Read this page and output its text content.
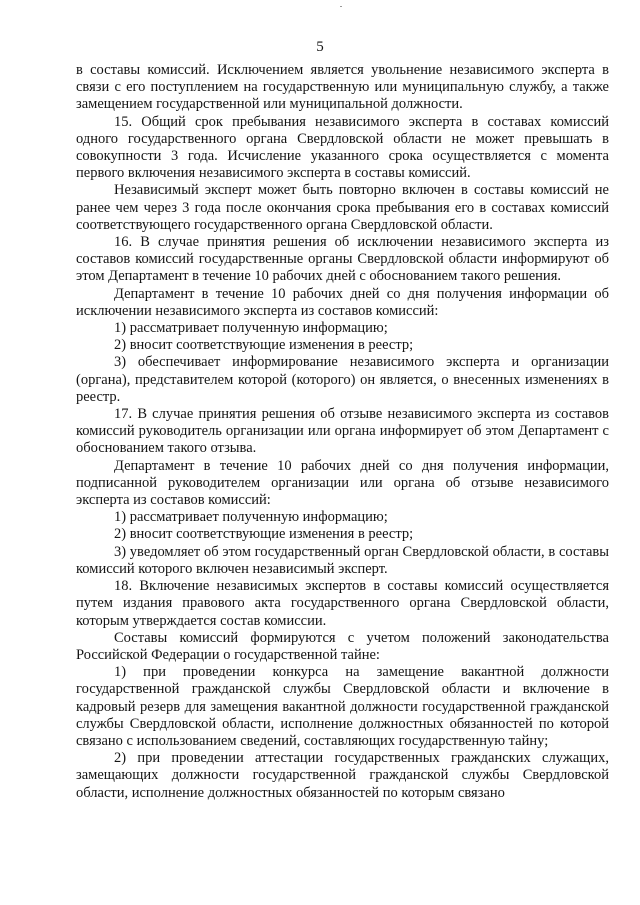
5

в составы комиссий. Исключением является увольнение независимого эксперта в связи с его поступлением на государственную или муниципальную службу, а также замещением государственной или муниципальной должности.

15. Общий срок пребывания независимого эксперта в составах комиссий одного государственного органа Свердловской области не может превышать в совокупности 3 года. Исчисление указанного срока осуществляется с момента первого включения независимого эксперта в составы комиссий.

Независимый эксперт может быть повторно включен в составы комиссий не ранее чем через 3 года после окончания срока пребывания его в составах комиссий соответствующего государственного органа Свердловской области.

16. В случае принятия решения об исключении независимого эксперта из составов комиссий государственные органы Свердловской области информируют об этом Департамент в течение 10 рабочих дней с обоснованием такого решения.

Департамент в течение 10 рабочих дней со дня получения информации об исключении независимого эксперта из составов комиссий:

1) рассматривает полученную информацию;

2) вносит соответствующие изменения в реестр;

3) обеспечивает информирование независимого эксперта и организации (органа), представителем которой (которого) он является, о внесенных изменениях в реестр.

17. В случае принятия решения об отзыве независимого эксперта из составов комиссий руководитель организации или органа информирует об этом Департамент с обоснованием такого отзыва.

Департамент в течение 10 рабочих дней со дня получения информации, подписанной руководителем организации или органа об отзыве независимого эксперта из составов комиссий:

1) рассматривает полученную информацию;

2) вносит соответствующие изменения в реестр;

3) уведомляет об этом государственный орган Свердловской области, в составы комиссий которого включен независимый эксперт.

18. Включение независимых экспертов в составы комиссий осуществляется путем издания правового акта государственного органа Свердловской области, которым утверждается состав комиссии.

Составы комиссий формируются с учетом положений законодательства Российской Федерации о государственной тайне:

1) при проведении конкурса на замещение вакантной должности государственной гражданской службы Свердловской области и включение в кадровый резерв для замещения вакантной должности государственной гражданской службы Свердловской области, исполнение должностных обязанностей по которой связано с использованием сведений, составляющих государственную тайну;

2) при проведении аттестации государственных гражданских служащих, замещающих должности государственной гражданской службы Свердловской области, исполнение должностных обязанностей по которым связано
